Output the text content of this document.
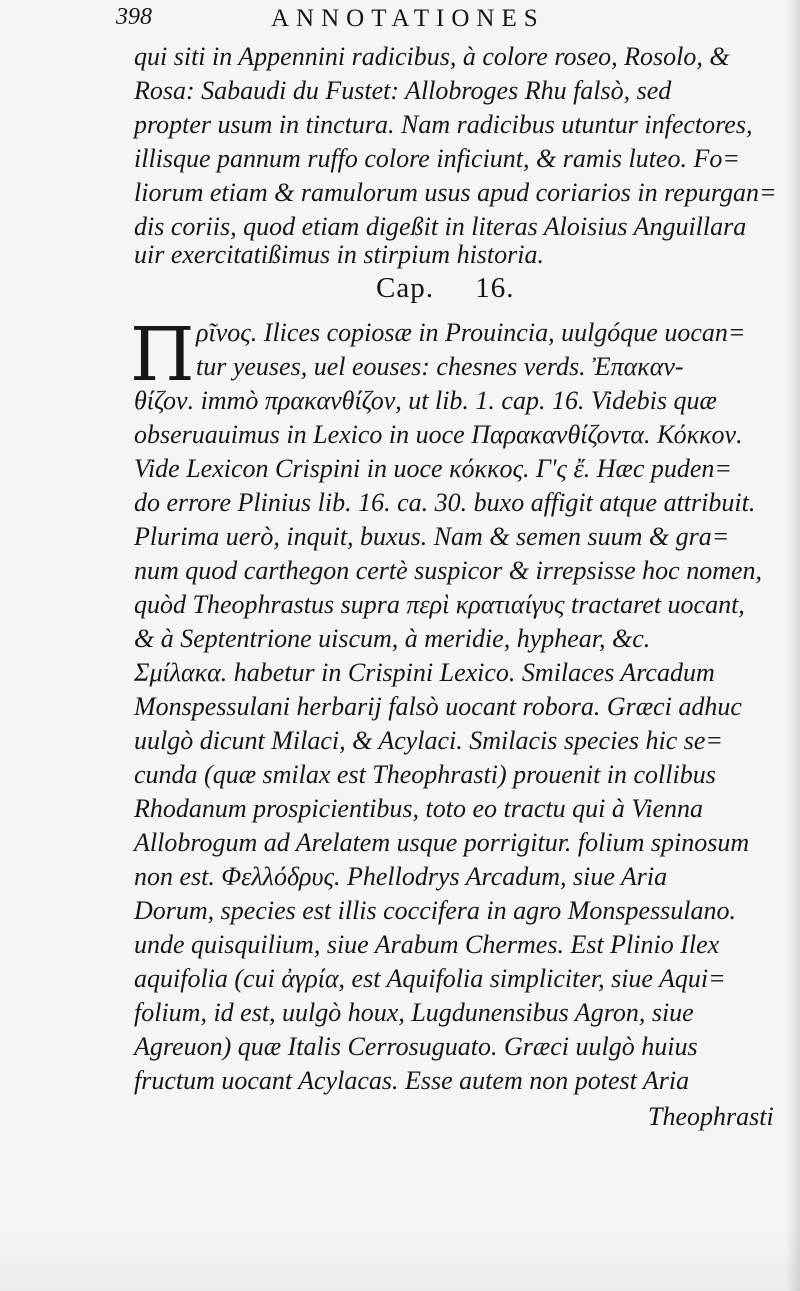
398	ANNOTATIONES
qui siti in Appennini radicibus, à colore roseo, Rosolo, &
Rosa: Sabaudi du Fustet: Allobroges Rhu falsò, sed
propter usum in tinctura. Nam radicibus utuntur infectores,
illisque pannum ruffo colore inficiunt, & ramis luteo. Fo=
liorum etiam & ramulorum usus apud coriarios in repurgan=
dis coriis, quod etiam digeßit in literas Aloisius Anguillara
uir exercitatißimus in stirpium historia.
Cap.     16.
Π ρῖνος. Ilices copiosæ in Prouincia, uulgóque uocan=
tur yeuses, uel eouses: chesnes verds. Ἐπακαν-
θίζον. immò πρακανθίζον, ut lib. 1. cap. 16. Videbis quæ
obseruauimus in Lexico in uoce Παρακανθίζοντα. Κόκκον.
Vide Lexicon Crispini in uoce κόκκος. Γ'ς ἔ. Hæc puden=
do errore Plinius lib. 16. ca. 30. buxo affigit atque attribuit.
Plurima uerò, inquit, buxus. Nam & semen suum & gra=
num quod carthegon certè suspicor & irrepsisse hoc nomen,
quòd Theophrastus supra περὶ κρατιαίγυς tractaret uocant,
& à Septentrione uiscum, à meridie, hyphear, &c.
Σμίλακα. habetur in Crispini Lexico. Smilaces Arcadum
Monspessulani herbarij falsò uocant robora. Græci adhuc
uulgò dicunt Milaci, & Acylaci. Smilacis species hic se=
cunda (quæ smilax est Theophrasti) prouenit in collibus
Rhodanum prospicientibus, toto eo tractu qui à Vienna
Allobrogum ad Arelatem usque porrigitur. folium spinosum
non est. Φελλόδρυς. Phellodrys Arcadum, siue Aria
Dorum, species est illis coccifera in agro Monspessulano.
unde quisquilium, siue Arabum Chermes. Est Plinio Ilex
aquifolia (cui ἀγρία, est Aquifolia simpliciter, siue Aqui=
folium, id est, uulgò houx, Lugdunensibus Agron, siue
Agreuon) quæ Italis Cerrosuguato. Græci uulgò huius
fructum uocant Acylacas. Esse autem non potest Aria
Theophrasti
